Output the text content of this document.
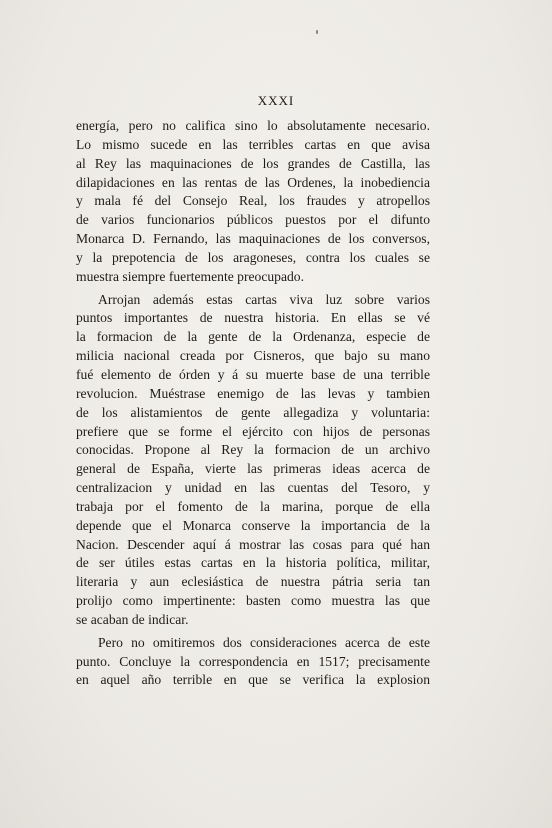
XXXI
energía, pero no califica sino lo absolutamente necesario.
Lo mismo sucede en las terribles cartas en que avisa
al Rey las maquinaciones de los grandes de Castilla, las
dilapidaciones en las rentas de las Ordenes, la inobediencia
y mala fé del Consejo Real, los fraudes y atropellos
de varios funcionarios públicos puestos por el difunto
Monarca D. Fernando, las maquinaciones de los conversos,
y la prepotencia de los aragoneses, contra los cuales se
muestra siempre fuertemente preocupado.
Arrojan además estas cartas viva luz sobre varios
puntos importantes de nuestra historia. En ellas se vé
la formacion de la gente de la Ordenanza, especie de
milicia nacional creada por Cisneros, que bajo su mano
fué elemento de órden y á su muerte base de una terrible
revolucion. Muéstrase enemigo de las levas y tambien
de los alistamientos de gente allegadiza y voluntaria:
prefiere que se forme el ejército con hijos de personas
conocidas. Propone al Rey la formacion de un archivo
general de España, vierte las primeras ideas acerca de
centralizacion y unidad en las cuentas del Tesoro, y
trabaja por el fomento de la marina, porque de ella
depende que el Monarca conserve la importancia de la
Nacion. Descender aquí á mostrar las cosas para qué han
de ser útiles estas cartas en la historia política, militar,
literaria y aun eclesiástica de nuestra pátria seria tan
prolijo como impertinente: basten como muestra las que
se acaban de indicar.
Pero no omitiremos dos consideraciones acerca de este
punto. Concluye la correspondencia en 1517; precisamente
en aquel año terrible en que se verifica la explosion
